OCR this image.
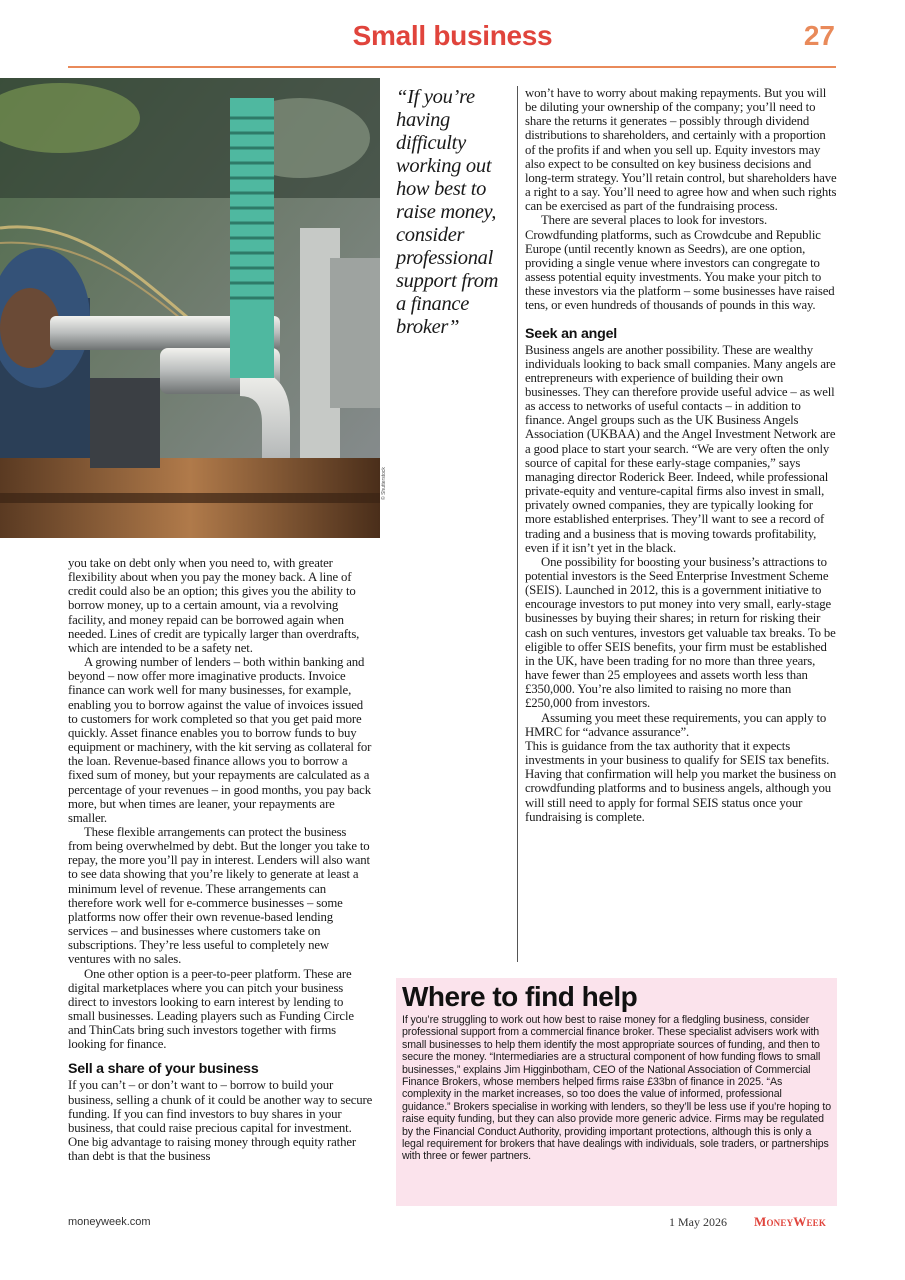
Small business	27
© Shutterstock
“If you’re having difficulty working out how best to raise money, consider professional support from a finance broker”

you take on debt only when you need to, with greater flexibility about when you pay the money back. A line of credit could also be an option; this gives you the ability to borrow money, up to a certain amount, via a revolving facility, and money repaid can be borrowed again when needed. Lines of credit are typically larger than overdrafts, which are intended to be a safety net.

A growing number of lenders – both within banking and beyond – now offer more imaginative products. Invoice finance can work well for many businesses, for example, enabling you to borrow against the value of invoices issued to customers for work completed so that you get paid more quickly. Asset finance enables you to borrow funds to buy equipment or machinery, with the kit serving as collateral for the loan. Revenue-based finance allows you to borrow a fixed sum of money, but your repayments are calculated as a percentage of your revenues – in good months, you pay back more, but when times are leaner, your repayments are smaller.

These flexible arrangements can protect the business from being overwhelmed by debt. But the longer you take to repay, the more you’ll pay in interest. Lenders will also want to see data showing that you’re likely to generate at least a minimum level of revenue. These arrangements can therefore work well for e-commerce businesses – some platforms now offer their own revenue-based lending services – and businesses where customers take on subscriptions. They’re less useful to completely new ventures with no sales.

One other option is a peer-to-peer platform. These are digital marketplaces where you can pitch your business direct to investors looking to earn interest by lending to small businesses. Leading players such as Funding Circle and ThinCats bring such investors together with firms looking for finance.

Sell a share of your business

If you can’t – or don’t want to – borrow to build your business, selling a chunk of it could be another way to secure funding. If you can find investors to buy shares in your business, that could raise precious capital for investment. One big advantage to raising money through equity rather than debt is that the business

won’t have to worry about making repayments. But you will be diluting your ownership of the company; you’ll need to share the returns it generates – possibly through dividend distributions to shareholders, and certainly with a proportion of the profits if and when you sell up. Equity investors may also expect to be consulted on key business decisions and long-term strategy. You’ll retain control, but shareholders have a right to a say. You’ll need to agree how and when such rights can be exercised as part of the fundraising process.

There are several places to look for investors. Crowdfunding platforms, such as Crowdcube and Republic Europe (until recently known as Seedrs), are one option, providing a single venue where investors can congregate to assess potential equity investments. You make your pitch to these investors via the platform – some businesses have raised tens, or even hundreds of thousands of pounds in this way.

Seek an angel

Business angels are another possibility. These are wealthy individuals looking to back small companies. Many angels are entrepreneurs with experience of building their own businesses. They can therefore provide useful advice – as well as access to networks of useful contacts – in addition to finance. Angel groups such as the UK Business Angels Association (UKBAA) and the Angel Investment Network are a good place to start your search. “We are very often the only source of capital for these early-stage companies,” says managing director Roderick Beer. Indeed, while professional private-equity and venture-capital firms also invest in small, privately owned companies, they are typically looking for more established enterprises. They’ll want to see a record of trading and a business that is moving towards profitability, even if it isn’t yet in the black.

One possibility for boosting your business’s attractions to potential investors is the Seed Enterprise Investment Scheme (SEIS). Launched in 2012, this is a government initiative to encourage investors to put money into very small, early-stage businesses by buying their shares; in return for risking their cash on such ventures, investors get valuable tax breaks. To be eligible to offer SEIS benefits, your firm must be established in the UK, have been trading for no more than three years, have fewer than 25 employees and assets worth less than £350,000. You’re also limited to raising no more than £250,000 from investors.

Assuming you meet these requirements, you can apply to HMRC for “advance assurance”.

This is guidance from the tax authority that it expects investments in your business to qualify for SEIS tax benefits. Having that confirmation will help you market the business on crowdfunding platforms and to business angels, although you will still need to apply for formal SEIS status once your fundraising is complete.

Where to find help

If you’re struggling to work out how best to raise money for a fledgling business, consider professional support from a commercial finance broker. These specialist advisers work with small businesses to help them identify the most appropriate sources of funding, and then to secure the money. “Intermediaries are a structural component of how funding flows to small businesses,” explains Jim Higginbotham, CEO of the National Association of Commercial Finance Brokers, whose members helped firms raise £33bn of finance in 2025. “As complexity in the market increases, so too does the value of informed, professional guidance.” Brokers specialise in working with lenders, so they’ll be less use if you’re hoping to raise equity funding, but they can also provide more generic advice. Firms may be regulated by the Financial Conduct Authority, providing important protections, although this is only a legal requirement for brokers that have dealings with individuals, sole traders, or partnerships with three or fewer partners.

moneyweek.com	1 May 2026 MoneyWeek
